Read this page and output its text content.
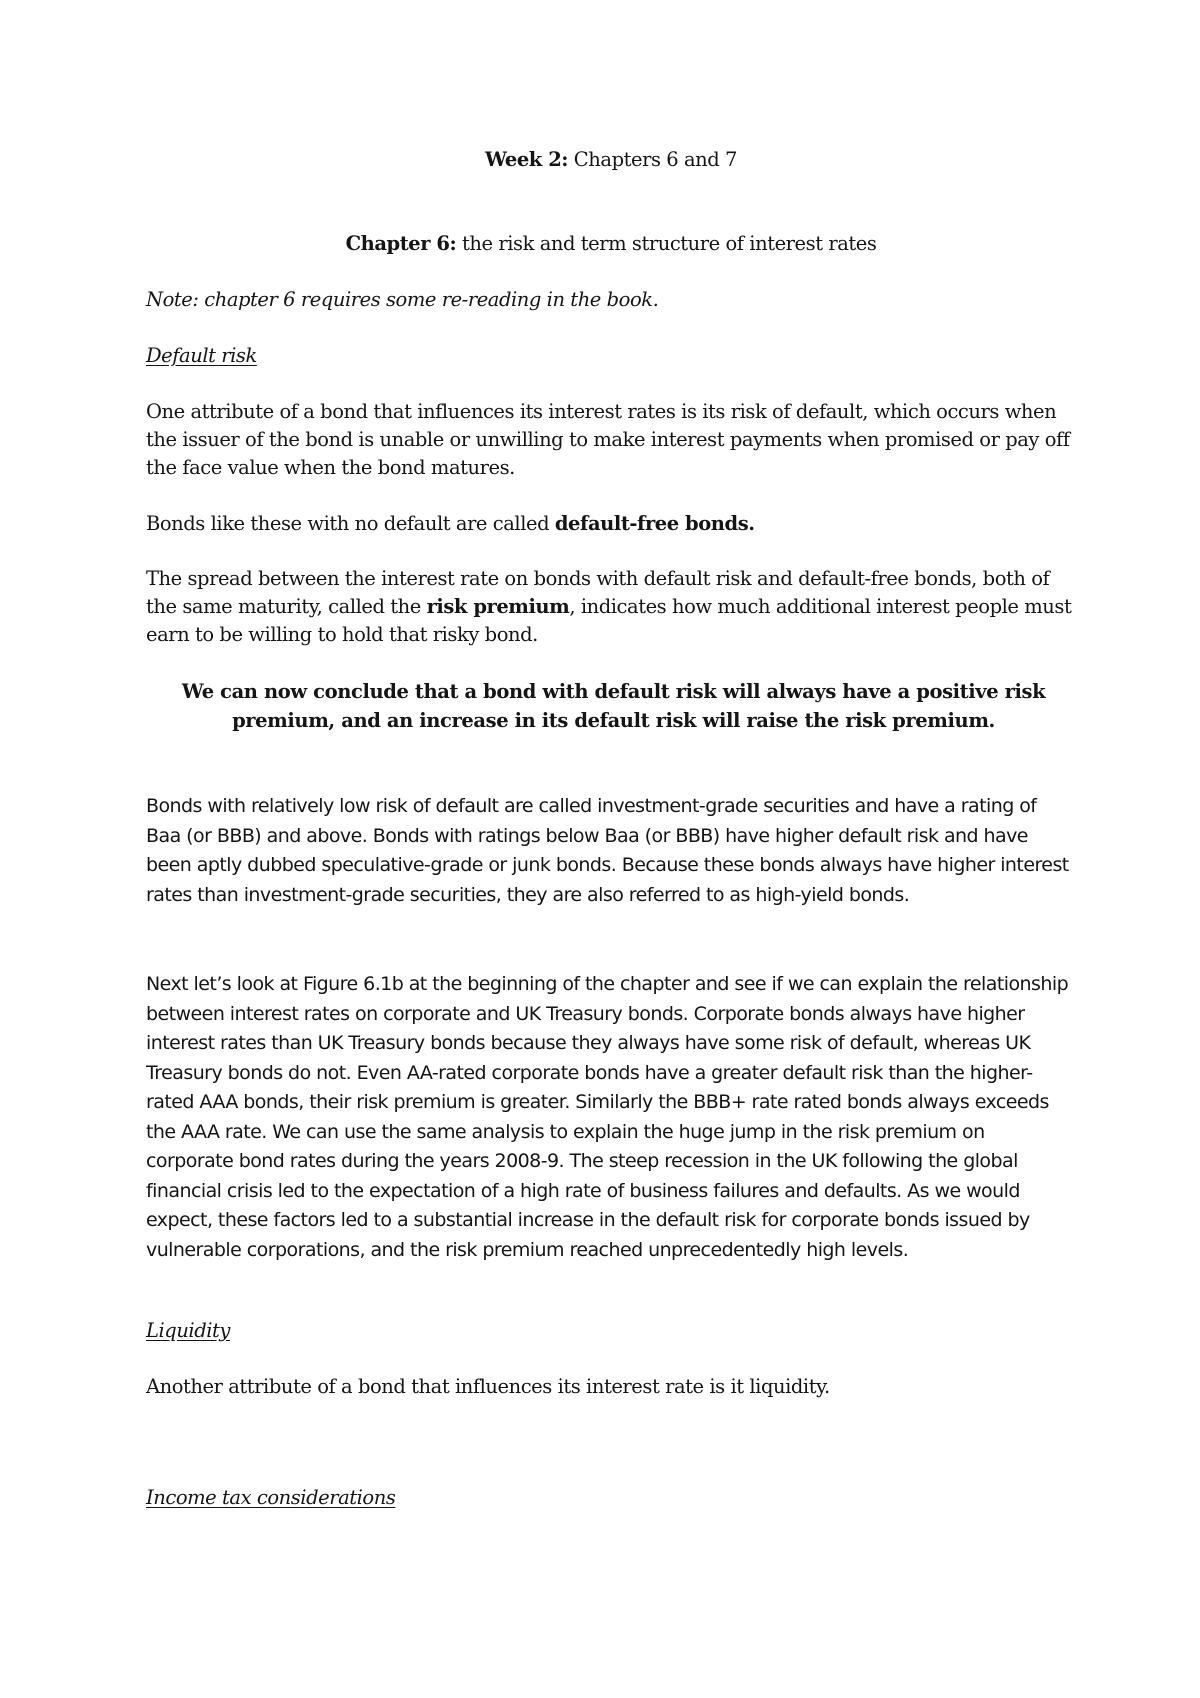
Week 2: Chapters 6 and 7

Chapter 6: the risk and term structure of interest rates

Note: chapter 6 requires some re-reading in the book.

Default risk

One attribute of a bond that influences its interest rates is its risk of default, which occurs when the issuer of the bond is unable or unwilling to make interest payments when promised or pay off the face value when the bond matures.

Bonds like these with no default are called default-free bonds.

The spread between the interest rate on bonds with default risk and default-free bonds, both of the same maturity, called the risk premium, indicates how much additional interest people must earn to be willing to hold that risky bond.

We can now conclude that a bond with default risk will always have a positive risk premium, and an increase in its default risk will raise the risk premium.

Bonds with relatively low risk of default are called investment-grade securities and have a rating of Baa (or BBB) and above. Bonds with ratings below Baa (or BBB) have higher default risk and have been aptly dubbed speculative-grade or junk bonds. Because these bonds always have higher interest rates than investment-grade securities, they are also referred to as high-yield bonds.

Next let’s look at Figure 6.1b at the beginning of the chapter and see if we can explain the relationship between interest rates on corporate and UK Treasury bonds. Corporate bonds always have higher interest rates than UK Treasury bonds because they always have some risk of default, whereas UK Treasury bonds do not. Even AA-rated corporate bonds have a greater default risk than the higher-rated AAA bonds, their risk premium is greater. Similarly the BBB+ rate rated bonds always exceeds the AAA rate. We can use the same analysis to explain the huge jump in the risk premium on corporate bond rates during the years 2008-9. The steep recession in the UK following the global financial crisis led to the expectation of a high rate of business failures and defaults. As we would expect, these factors led to a substantial increase in the default risk for corporate bonds issued by vulnerable corporations, and the risk premium reached unprecedentedly high levels.

Liquidity

Another attribute of a bond that influences its interest rate is it liquidity.

Income tax considerations
